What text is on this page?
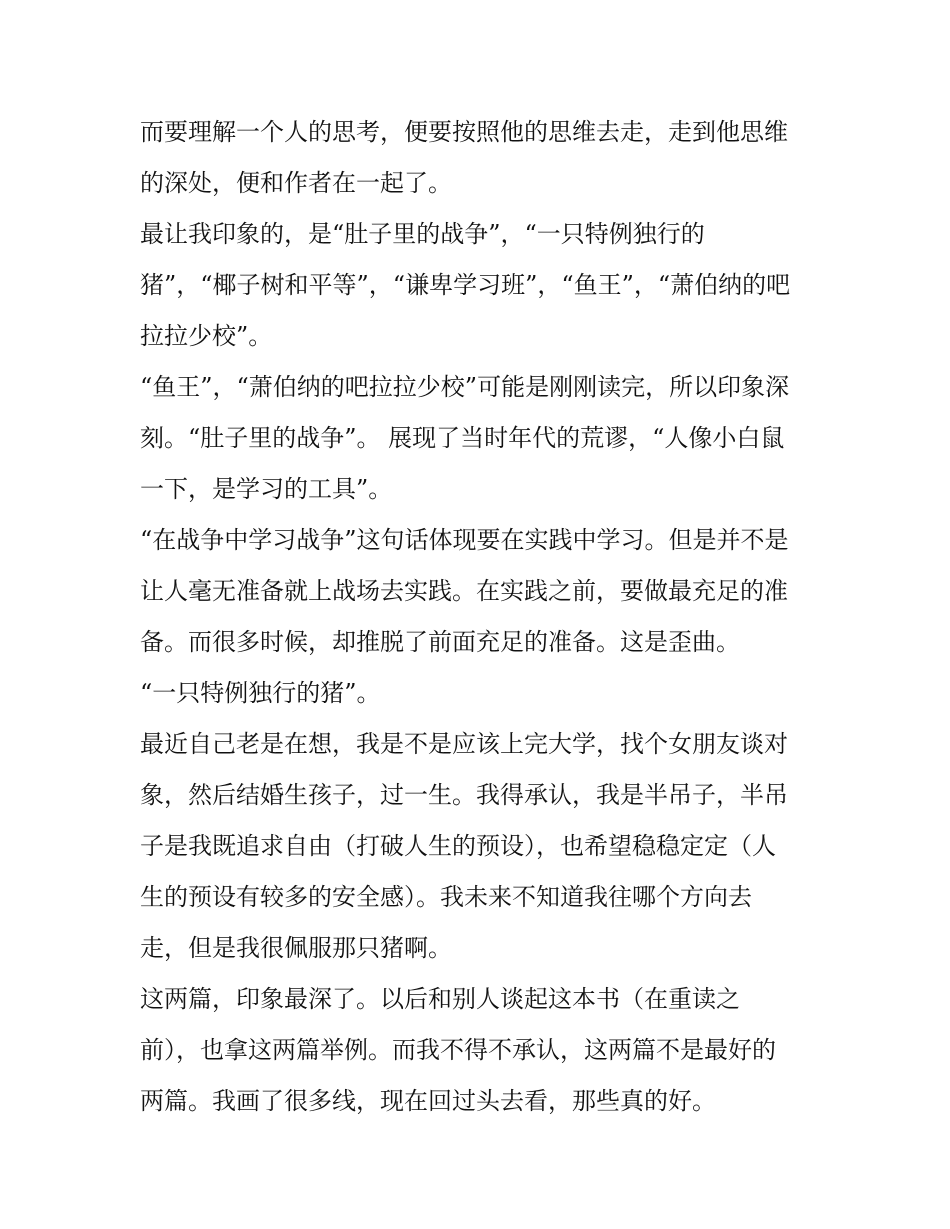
而要理解一个人的思考，便要按照他的思维去走，走到他思维
的深处，便和作者在一起了。
最让我印象的，是“肚子里的战争”，“一只特例独行的
猪”，“椰子树和平等”，“谦卑学习班”，“鱼王”，“萧伯纳的吧
拉拉少校”。
“鱼王”，“萧伯纳的吧拉拉少校”可能是刚刚读完，所以印象深
刻。“肚子里的战争”。 展现了当时年代的荒谬，“人像小白鼠
一下，是学习的工具”。
“在战争中学习战争”这句话体现要在实践中学习。但是并不是
让人毫无准备就上战场去实践。在实践之前，要做最充足的准
备。而很多时候，却推脱了前面充足的准备。这是歪曲。
“一只特例独行的猪”。
最近自己老是在想，我是不是应该上完大学，找个女朋友谈对
象，然后结婚生孩子，过一生。我得承认，我是半吊子，半吊
子是我既追求自由（打破人生的预设），也希望稳稳定定（人
生的预设有较多的安全感）。我未来不知道我往哪个方向去
走，但是我很佩服那只猪啊。
这两篇，印象最深了。以后和别人谈起这本书（在重读之
前），也拿这两篇举例。而我不得不承认，这两篇不是最好的
两篇。我画了很多线，现在回过头去看，那些真的好。
